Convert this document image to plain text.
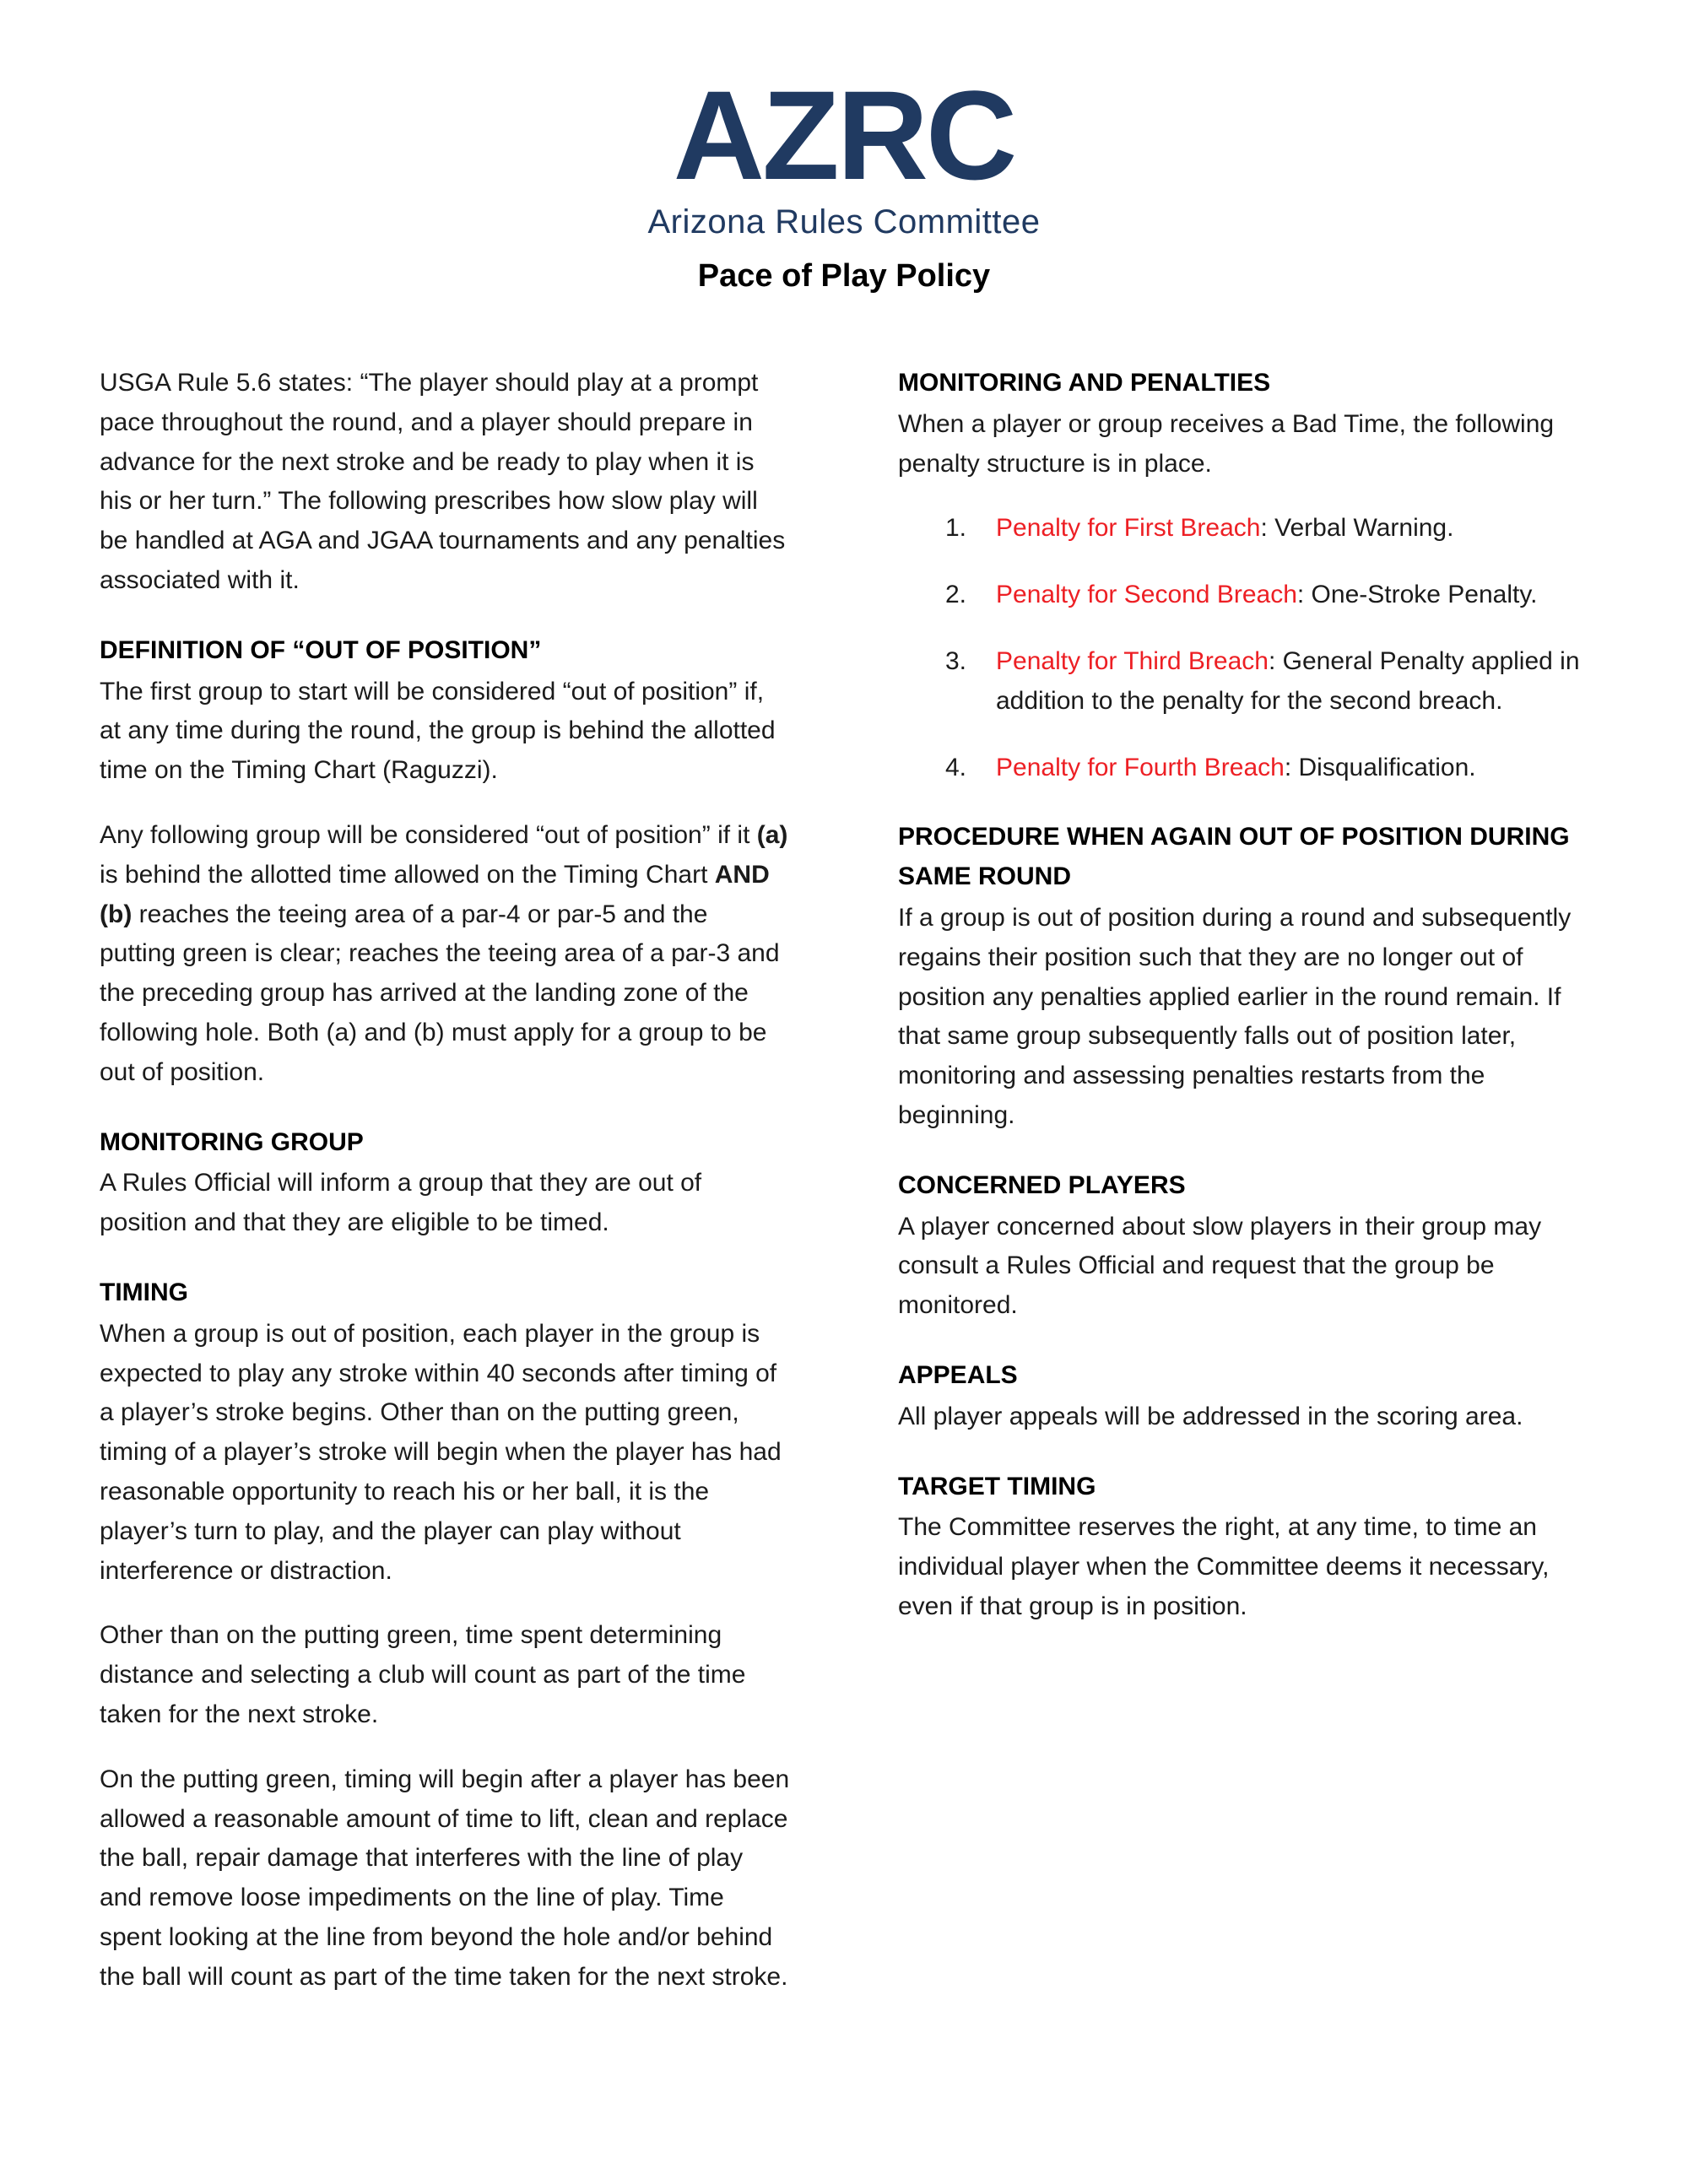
AZRC
Arizona Rules Committee
Pace of Play Policy

USGA Rule 5.6 states: “The player should play at a prompt pace throughout the round, and a player should prepare in advance for the next stroke and be ready to play when it is his or her turn.” The following prescribes how slow play will be handled at AGA and JGAA tournaments and any penalties associated with it.

DEFINITION OF “OUT OF POSITION”

The first group to start will be considered “out of position” if, at any time during the round, the group is behind the allotted time on the Timing Chart (Raguzzi).

Any following group will be considered “out of position” if it (a) is behind the allotted time allowed on the Timing Chart AND (b) reaches the teeing area of a par-4 or par-5 and the putting green is clear; reaches the teeing area of a par-3 and the preceding group has arrived at the landing zone of the following hole. Both (a) and (b) must apply for a group to be out of position.

MONITORING GROUP

A Rules Official will inform a group that they are out of position and that they are eligible to be timed.

TIMING

When a group is out of position, each player in the group is expected to play any stroke within 40 seconds after timing of a player’s stroke begins. Other than on the putting green, timing of a player’s stroke will begin when the player has had reasonable opportunity to reach his or her ball, it is the player’s turn to play, and the player can play without interference or distraction.

Other than on the putting green, time spent determining distance and selecting a club will count as part of the time taken for the next stroke.

On the putting green, timing will begin after a player has been allowed a reasonable amount of time to lift, clean and replace the ball, repair damage that interferes with the line of play and remove loose impediments on the line of play. Time spent looking at the line from beyond the hole and/or behind the ball will count as part of the time taken for the next stroke.

MONITORING AND PENALTIES

When a player or group receives a Bad Time, the following penalty structure is in place.

1.	Penalty for First Breach: Verbal Warning.
2.	Penalty for Second Breach: One-Stroke Penalty.
3.	Penalty for Third Breach: General Penalty applied in addition to the penalty for the second breach.
4.	Penalty for Fourth Breach: Disqualification.
PROCEDURE WHEN AGAIN OUT OF POSITION DURING SAME ROUND

If a group is out of position during a round and subsequently regains their position such that they are no longer out of position any penalties applied earlier in the round remain. If that same group subsequently falls out of position later, monitoring and assessing penalties restarts from the beginning.

CONCERNED PLAYERS

A player concerned about slow players in their group may consult a Rules Official and request that the group be monitored.

APPEALS

All player appeals will be addressed in the scoring area.

TARGET TIMING

The Committee reserves the right, at any time, to time an individual player when the Committee deems it necessary, even if that group is in position.
